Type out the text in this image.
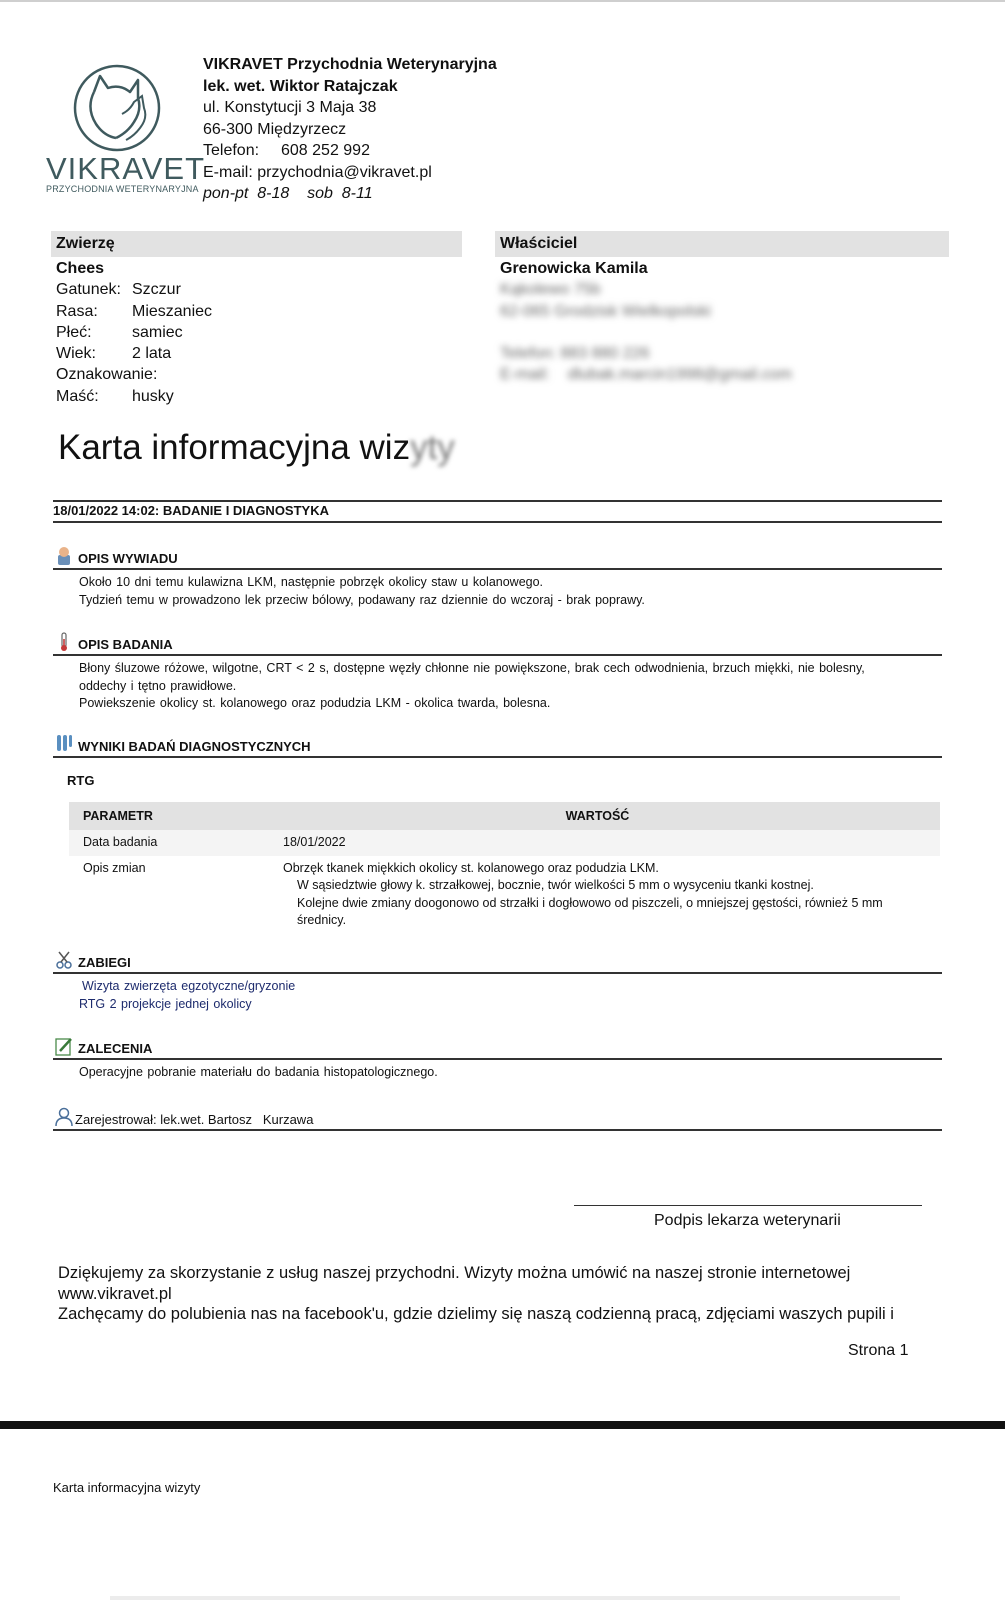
VIKRAVET
PRZYCHODNIA WETERYNARYJNA
VIKRAVET Przychodnia Weterynaryjna
lek. wet. Wiktor Ratajczak
ul. Konstytucji 3 Maja 38
66-300 Międzyrzecz
Telefon:	608 252 992
E-mail:
przychodnia@vikravet.pl
pon-pt  8-18    sob  8-11
Zwierzę
Chees
Gatunek: Szczur
Rasa:	Mieszaniec
Płeć:	samiec
Wiek:	2 lata
Oznakowanie:
Maść:	husky
Właściciel
Grenowicka Kamila
Kąkolewo 75b
62-065 Grodzisk Wielkopolski
Telefon: 883 880 226
E-mail:    dlubak.marcin1998@gmail.com
Karta informacyjna wizyty
18/01/2022 14:02: BADANIE I DIAGNOSTYKA
OPIS WYWIADU
Około 10 dni temu kulawizna LKM, następnie pobrzęk okolicy staw u kolanowego.
Tydzień temu w prowadzono lek przeciw bólowy, podawany raz dziennie do wczoraj - brak poprawy.
OPIS BADANIA
Błony śluzowe różowe, wilgotne, CRT < 2 s, dostępne węzły chłonne nie powiększone, brak cech odwodnienia, brzuch miękki, nie bolesny,
oddechy i tętno prawidłowe.
Powiekszenie okolicy st. kolanowego oraz podudzia LKM - okolica twarda, bolesna.
WYNIKI BADAŃ DIAGNOSTYCZNYCH
RTG
PARAMETR	WARTOŚĆ
Data badania	18/01/2022
Opis zmian	Obrzęk tkanek miękkich okolicy st. kolanowego oraz podudzia LKM.
W sąsiedztwie głowy k. strzałkowej, bocznie, twór wielkości 5 mm o wysyceniu tkanki kostnej.
Kolejne dwie zmiany doogonowo od strzałki i dogłowowo od piszczeli, o mniejszej gęstości, również 5 mm
średnicy.
ZABIEGI
Wizyta zwierzęta egzotyczne/gryzonie
RTG 2 projekcje jednej okolicy
ZALECENIA
Operacyjne pobranie materiału do badania histopatologicznego.
Zarejestrował: lek.wet. Bartosz   Kurzawa
Podpis lekarza weterynarii
Dziękujemy za skorzystanie z usług naszej przychodni. Wizyty można umówić na naszej stronie internetowej
www.vikravet.pl
Zachęcamy do polubienia nas na facebook'u, gdzie dzielimy się naszą codzienną pracą, zdjęciami waszych pupili i
Strona 1
Karta informacyjna wizyty
